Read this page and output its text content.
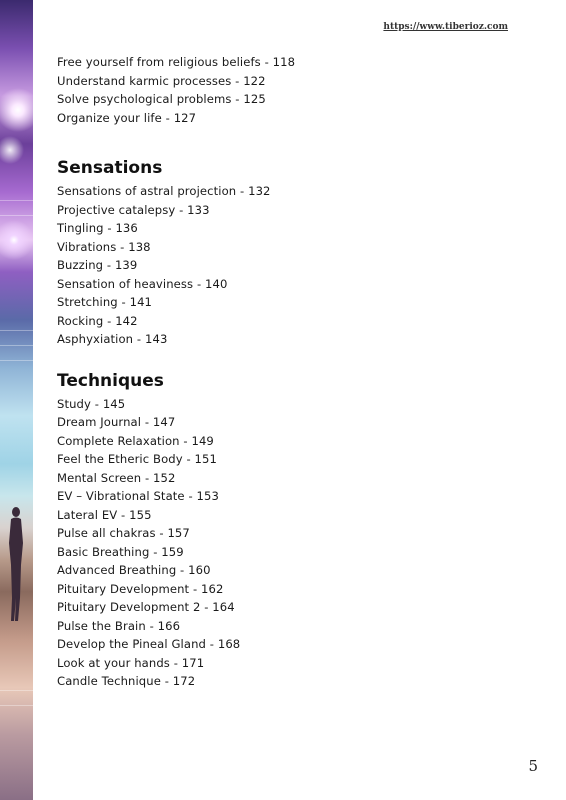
https://www.tiberioz.com
Free yourself from religious beliefs - 118
Understand karmic processes - 122
Solve psychological problems - 125
Organize your life - 127
Sensations
Sensations of astral projection - 132
Projective catalepsy - 133
Tingling - 136
Vibrations - 138
Buzzing - 139
Sensation of heaviness - 140
Stretching - 141
Rocking - 142
Asphyxiation - 143
Techniques
Study - 145
Dream Journal - 147
Complete Relaxation - 149
Feel the Etheric Body - 151
Mental Screen - 152
EV – Vibrational State - 153
Lateral EV - 155
Pulse all chakras - 157
Basic Breathing - 159
Advanced Breathing - 160
Pituitary Development - 162
Pituitary Development 2 - 164
Pulse the Brain - 166
Develop the Pineal Gland - 168
Look at your hands - 171
Candle Technique - 172
5
